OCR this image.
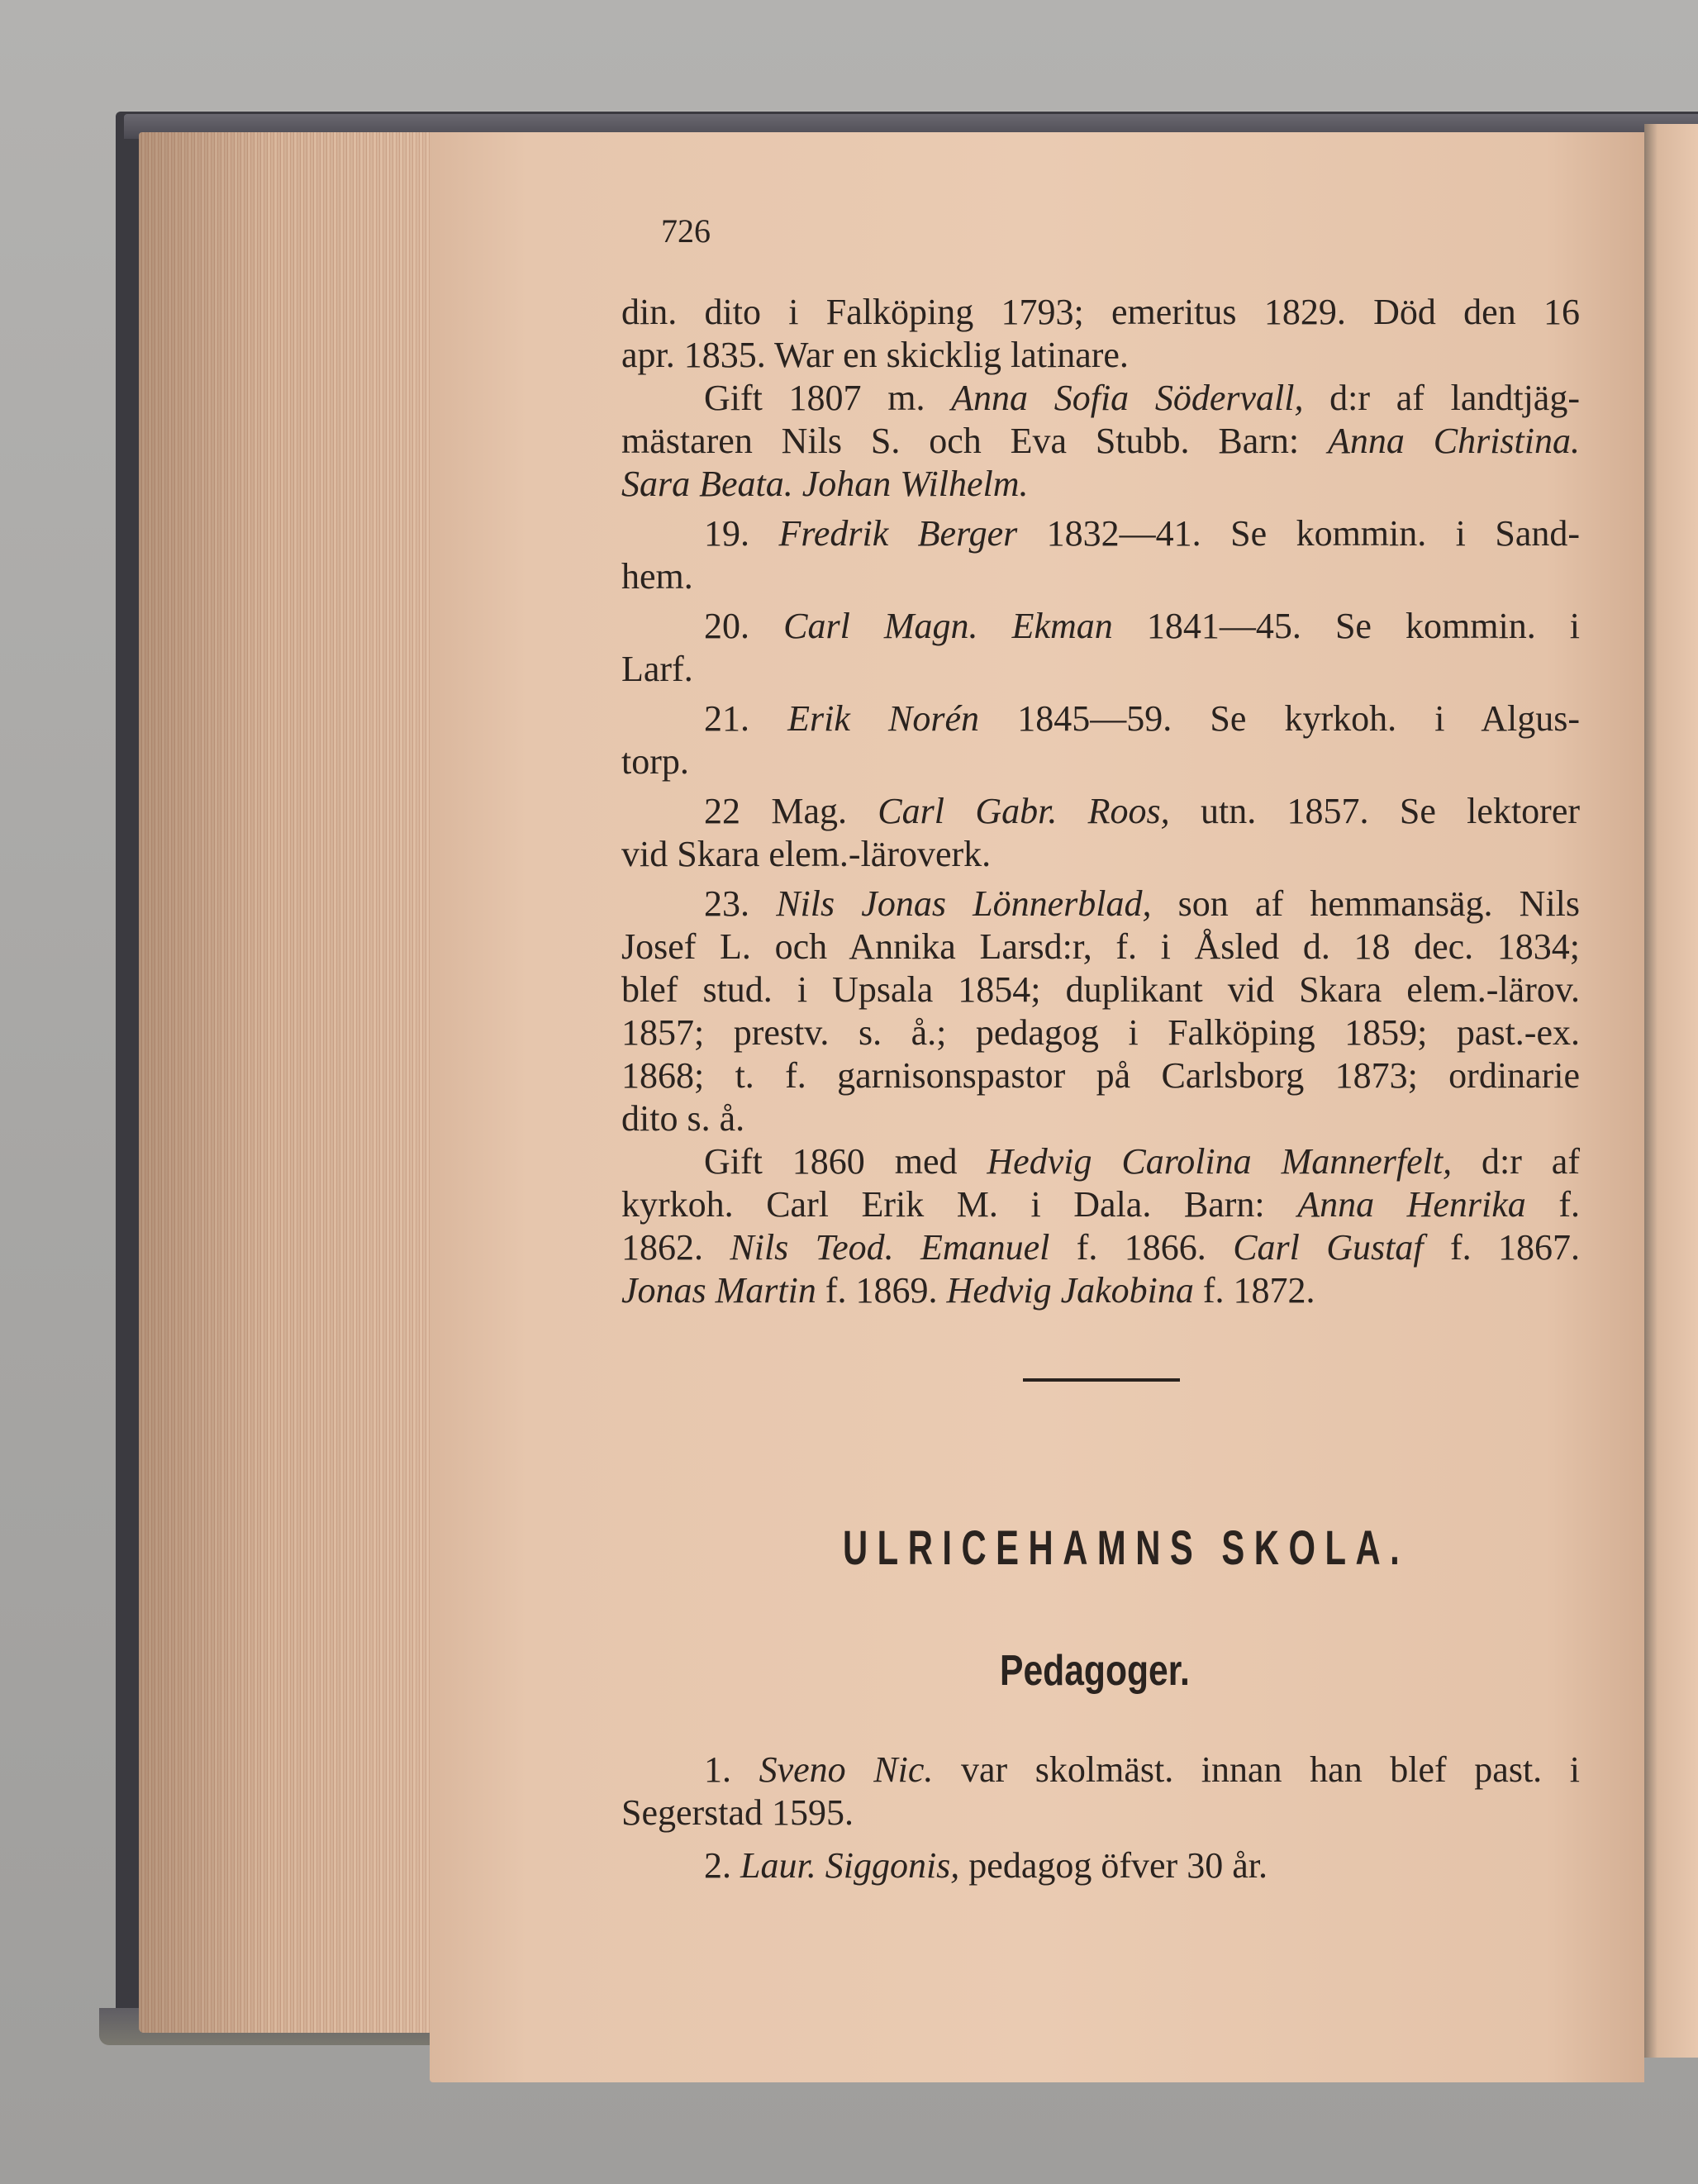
726
din. dito i Falköping 1793; emeritus 1829. Död den 16
apr. 1835. War en skicklig latinare.
Gift 1807 m. Anna Sofia Södervall, d:r af landtjäg-
mästaren Nils S. och Eva Stubb. Barn: Anna Christina.
Sara Beata. Johan Wilhelm.
19. Fredrik Berger 1832—41. Se kommin. i Sand-
hem.
20. Carl Magn. Ekman 1841—45. Se kommin. i
Larf.
21. Erik Norén 1845—59. Se kyrkoh. i Algus-
torp.
22 Mag. Carl Gabr. Roos, utn. 1857. Se lektorer
vid Skara elem.-läroverk.
23. Nils Jonas Lönnerblad, son af hemmansäg. Nils
Josef L. och Annika Larsd:r, f. i Åsled d. 18 dec. 1834;
blef stud. i Upsala 1854; duplikant vid Skara elem.-lärov.
1857; prestv. s. å.; pedagog i Falköping 1859; past.-ex.
1868; t. f. garnisonspastor på Carlsborg 1873; ordinarie
dito s. å.
Gift 1860 med Hedvig Carolina Mannerfelt, d:r af
kyrkoh. Carl Erik M. i Dala. Barn: Anna Henrika f.
1862. Nils Teod. Emanuel f. 1866. Carl Gustaf f. 1867.
Jonas Martin f. 1869. Hedvig Jakobina f. 1872.
1. Sveno Nic. var skolmäst. innan han blef past. i
Segerstad 1595.
2. Laur. Siggonis, pedagog öfver 30 år.
ULRICEHAMNS SKOLA.
Pedagoger.
